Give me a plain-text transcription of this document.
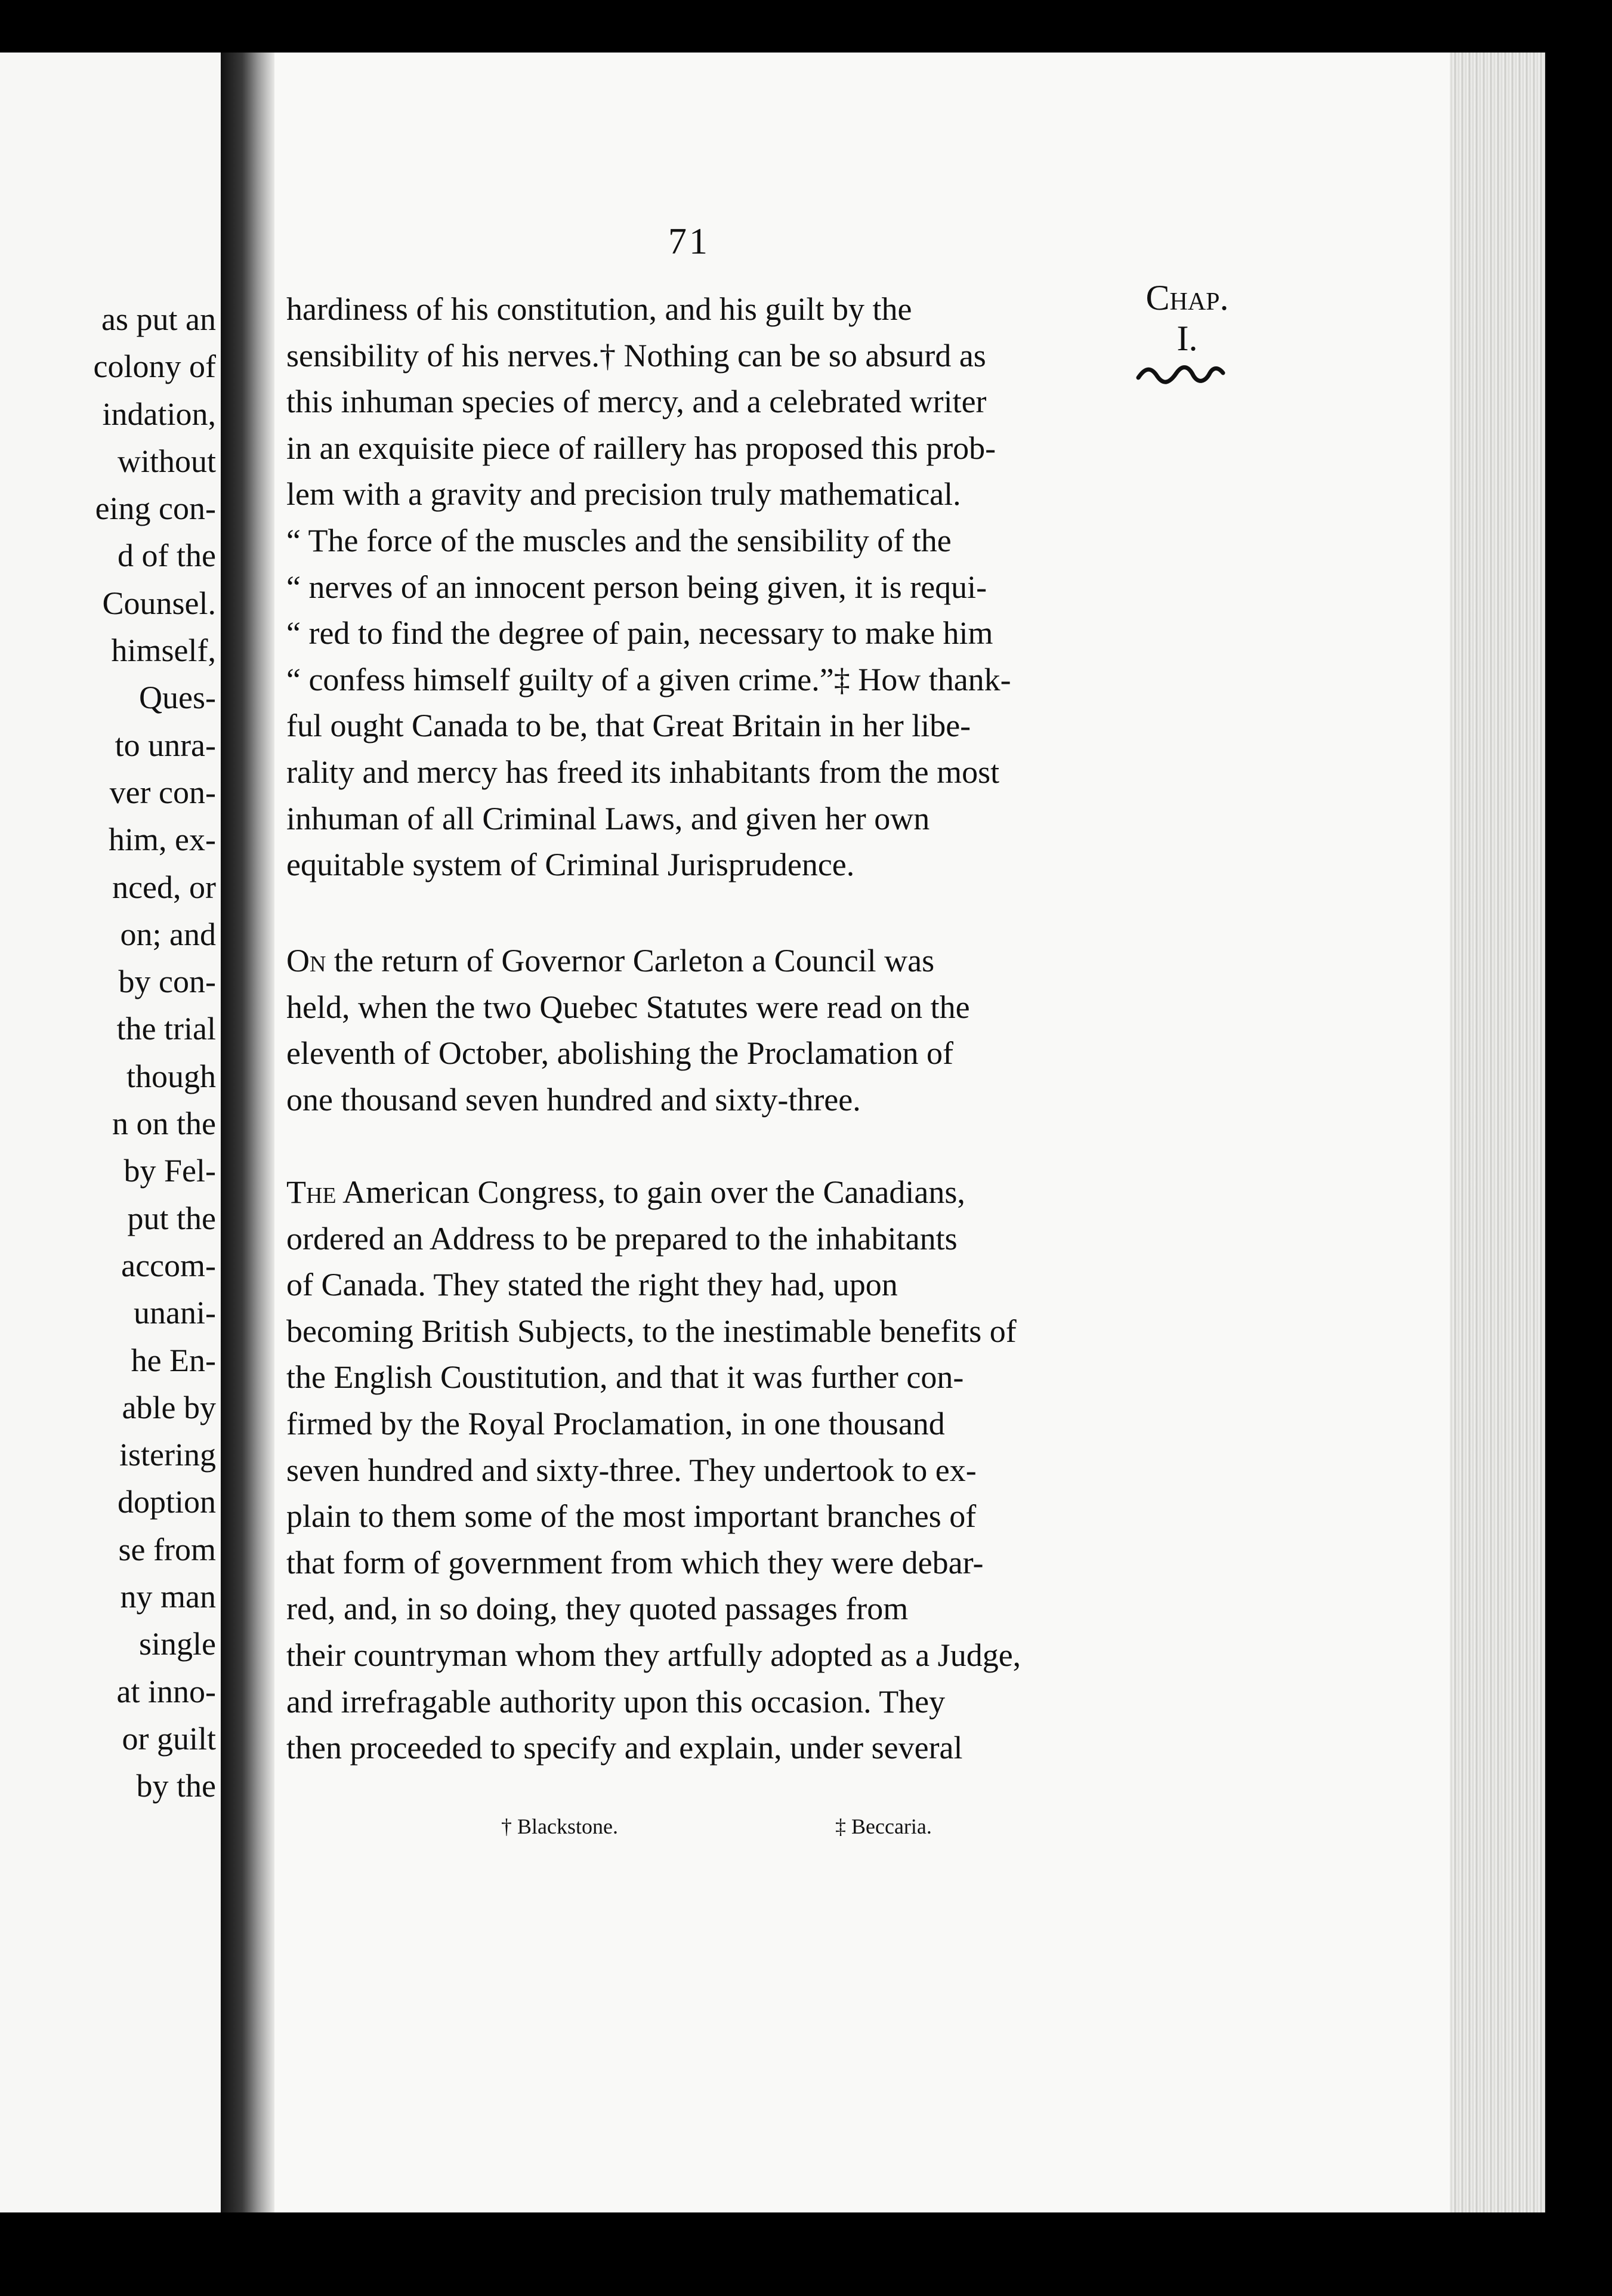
as put an
colony of
indation,
without
eing con-
d of the
Counsel.
himself,
Ques-
to unra-
ver con-
him, ex-
nced, or
on; and
by con-
the trial
though
n on the
by Fel-
put the
accom-
unani-
he En-
able by
istering
doption
se from
ny man
single
at inno-
or guilt
by the
71
Chap.
I.
hardiness of his constitution, and his guilt by the
sensibility of his nerves.† Nothing can be so absurd as
this inhuman species of mercy, and a celebrated writer
in an exquisite piece of raillery has proposed this prob-
lem with a gravity and precision truly mathematical.
“ The force of the muscles and the sensibility of the
“ nerves of an innocent person being given, it is requi-
“ red to find the degree of pain, necessary to make him
“ confess himself guilty of a given crime.”‡ How thank-
ful ought Canada to be, that Great Britain in her libe-
rality and mercy has freed its inhabitants from the most
inhuman of all Criminal Laws, and given her own
equitable system of Criminal Jurisprudence.
On the return of Governor Carleton a Council was
held, when the two Quebec Statutes were read on the
eleventh of October, abolishing the Proclamation of
one thousand seven hundred and sixty-three.
The American Congress, to gain over the Canadians,
ordered an Address to be prepared to the inhabitants
of Canada. They stated the right they had, upon
becoming British Subjects, to the inestimable benefits of
the English Coustitution, and that it was further con-
firmed by the Royal Proclamation, in one thousand
seven hundred and sixty-three. They undertook to ex-
plain to them some of the most important branches of
that form of government from which they were debar-
red, and, in so doing, they quoted passages from
their countryman whom they artfully adopted as a Judge,
and irrefragable authority upon this occasion. They
then proceeded to specify and explain, under several
† Blackstone.	‡ Beccaria.
